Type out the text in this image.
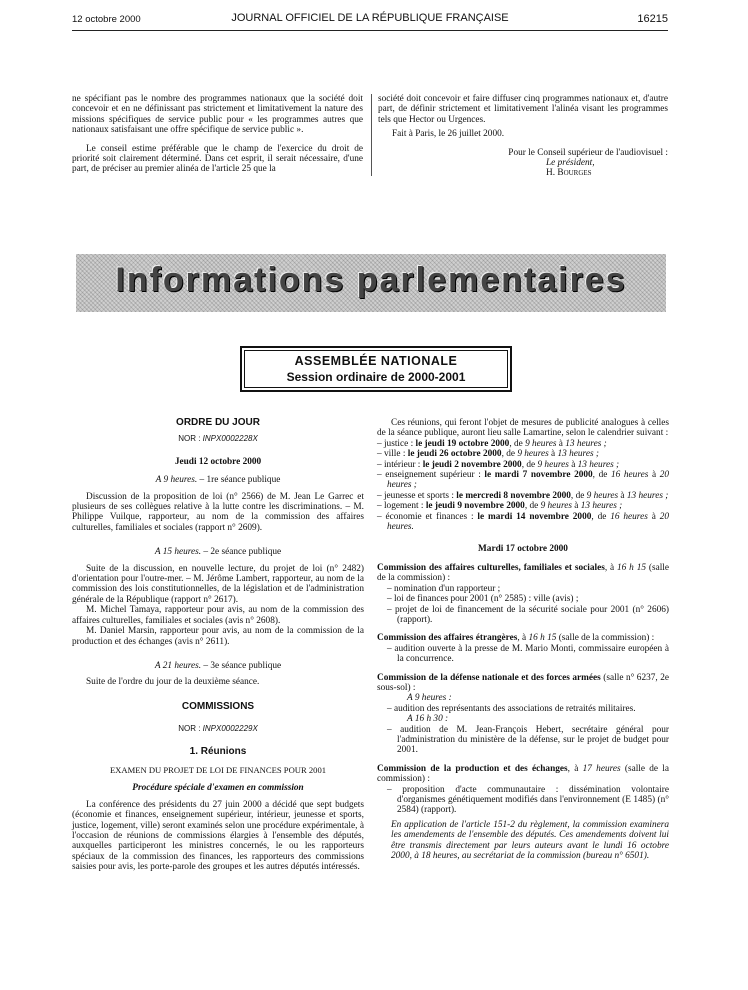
12 octobre 2000	JOURNAL OFFICIEL DE LA RÉPUBLIQUE FRANÇAISE	16215

ne spécifiant pas le nombre des programmes nationaux que la société doit concevoir et en ne définissant pas strictement et limitativement la nature des missions spécifiques de service public pour « les programmes autres que nationaux satisfaisant une offre spécifique de service public ».

Le conseil estime préférable que le champ de l'exercice du droit de priorité soit clairement déterminé. Dans cet esprit, il serait nécessaire, d'une part, de préciser au premier alinéa de l'article 25 que la

société doit concevoir et faire diffuser cinq programmes nationaux et, d'autre part, de définir strictement et limitativement l'alinéa visant les programmes tels que Hector ou Urgences.

Fait à Paris, le 26 juillet 2000.

Pour le Conseil supérieur de l'audiovisuel :

Le président,

H. Bourges

Informations parlementaires
ASSEMBLÉE NATIONALE
Session ordinaire de 2000-2001
ORDRE DU JOUR
NOR : INPX0002228X
Jeudi 12 octobre 2000
A 9 heures. – 1re séance publique

Discussion de la proposition de loi (n° 2566) de M. Jean Le Garrec et plusieurs de ses collègues relative à la lutte contre les discriminations. – M. Philippe Vuilque, rapporteur, au nom de la commission des affaires culturelles, familiales et sociales (rapport n° 2609).

A 15 heures. – 2e séance publique

Suite de la discussion, en nouvelle lecture, du projet de loi (n° 2482) d'orientation pour l'outre-mer. – M. Jérôme Lambert, rapporteur, au nom de la commission des lois constitutionnelles, de la législation et de l'administration générale de la République (rapport n° 2617).

M. Michel Tamaya, rapporteur pour avis, au nom de la commission des affaires culturelles, familiales et sociales (avis n° 2608).

M. Daniel Marsin, rapporteur pour avis, au nom de la commission de la production et des échanges (avis n° 2611).

A 21 heures. – 3e séance publique

Suite de l'ordre du jour de la deuxième séance.

COMMISSIONS
NOR : INPX0002229X
1. Réunions
EXAMEN DU PROJET DE LOI DE FINANCES POUR 2001
Procédure spéciale d'examen en commission

La conférence des présidents du 27 juin 2000 a décidé que sept budgets (économie et finances, enseignement supérieur, intérieur, jeunesse et sports, justice, logement, ville) seront examinés selon une procédure expérimentale, à l'occasion de réunions de commissions élargies à l'ensemble des députés, auxquelles participeront les ministres concernés, le ou les rapporteurs spéciaux de la commission des finances, les rapporteurs des commissions saisies pour avis, les porte-parole des groupes et les autres députés intéressés.

Ces réunions, qui feront l'objet de mesures de publicité analogues à celles de la séance publique, auront lieu salle Lamartine, selon le calendrier suivant :

– justice : le jeudi 19 octobre 2000, de 9 heures à 13 heures ;

– ville : le jeudi 26 octobre 2000, de 9 heures à 13 heures ;

– intérieur : le jeudi 2 novembre 2000, de 9 heures à 13 heures ;

– enseignement supérieur : le mardi 7 novembre 2000, de 16 heures à 20 heures ;

– jeunesse et sports : le mercredi 8 novembre 2000, de 9 heures à 13 heures ;

– logement : le jeudi 9 novembre 2000, de 9 heures à 13 heures ;

– économie et finances : le mardi 14 novembre 2000, de 16 heures à 20 heures.

Mardi 17 octobre 2000

Commission des affaires culturelles, familiales et sociales, à 16 h 15 (salle de la commission) :

– nomination d'un rapporteur ;

– loi de finances pour 2001 (n° 2585) : ville (avis) ;

– projet de loi de financement de la sécurité sociale pour 2001 (n° 2606) (rapport).

Commission des affaires étrangères, à 16 h 15 (salle de la commission) :

– audition ouverte à la presse de M. Mario Monti, commissaire européen à la concurrence.

Commission de la défense nationale et des forces armées (salle n° 6237, 2e sous-sol) :

A 9 heures :

– audition des représentants des associations de retraités militaires.

A 16 h 30 :

– audition de M. Jean-François Hebert, secrétaire général pour l'administration du ministère de la défense, sur le projet de budget pour 2001.

Commission de la production et des échanges, à 17 heures (salle de la commission) :

– proposition d'acte communautaire : dissémination volontaire d'organismes génétiquement modifiés dans l'environnement (E 1485) (n° 2584) (rapport).

En application de l'article 151-2 du règlement, la commission examinera les amendements de l'ensemble des députés. Ces amendements doivent lui être transmis directement par leurs auteurs avant le lundi 16 octobre 2000, à 18 heures, au secrétariat de la commission (bureau n° 6501).
